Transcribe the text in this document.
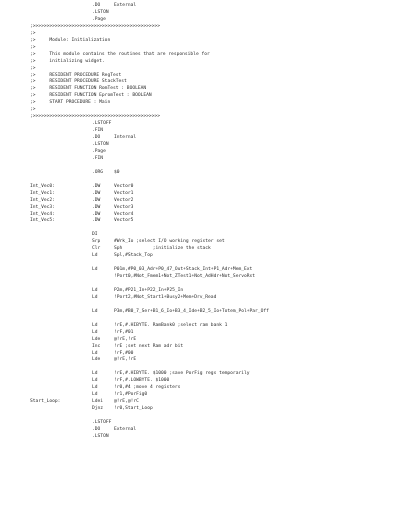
.DO	External
.LSTON
.Page
;>>>>>>>>>>>>>>>>>>>>>>>>>>>>>>>>>>>>>>>>>>>>>>
;>
;>     Module: Initialization
;>
;>     This module contains the routines that are responsible for
;>     initializing widget.
;>
;>     RESIDENT PROCEDURE RegTest
;>     RESIDENT PROCEDURE StackTest
;>     RESIDENT FUNCTION RomTest : BOOLEAN
;>     RESIDENT FUNCTION EpromTest : BOOLEAN
;>     START PROCEDURE : Main
;>
;>>>>>>>>>>>>>>>>>>>>>>>>>>>>>>>>>>>>>>>>>>>>>>
.LSTOFF
.FIN
.DO	Internal
.LSTON
.Page
.FIN
.ORG $0
Int_Vec0:	.DW	Vector0
Int_Vec1:	.DW	Vector1
Int_Vec2:	.DW	Vector2
Int_Vec3:	.DW	Vector3
Int_Vec4:	.DW	Vector4
Int_Vec5:	.DW	Vector5
DI
Srp	#Wrk_Io ;select I/O working register set
Clr	Sph           ;initialize the stack
Ld	Spl,#Stack_Top
Ld	P01m,#P0_03_Adr+P0_47_Out+Stack_Int+P1_Adr+Mem_Ext
!Port0,#Not_Fmem1+Not_ZTest1+Not_AdHdr+Not_ServoRst
Ld	P2m,#P21_In+P22_In+P25_In
Ld	!Port2,#Not_Start1+Busy2+Mem+Drv_Read
Ld	P3m,#B0_7_Ser+B1_6_Io+B3_4_Ide+B2_5_Io+Totem_Pol+Par_Off
Ld	!rE,#.HIBYTE. RamBank0 ;select ram bank 1
Ld	!rF,#01
Lde	@!rE,!rE
Inc	!rE ;set next Ram adr bit
Ld	!rF,#00
Lde	@!rE,!rE
Ld	!rE,#.HIBYTE. $1000 ;save PorFig regs temporarily
Ld	!rF,#.LOWBYTE. $1000
Ld	!r0,#4 ;move 4 registers
Ld	!r1,#PorFig0
Start_Loop:	Ldei @!rE,@!rC
Djnz !r0,Start_Loop
.LSTOFF
.DO	External
.LSTON
